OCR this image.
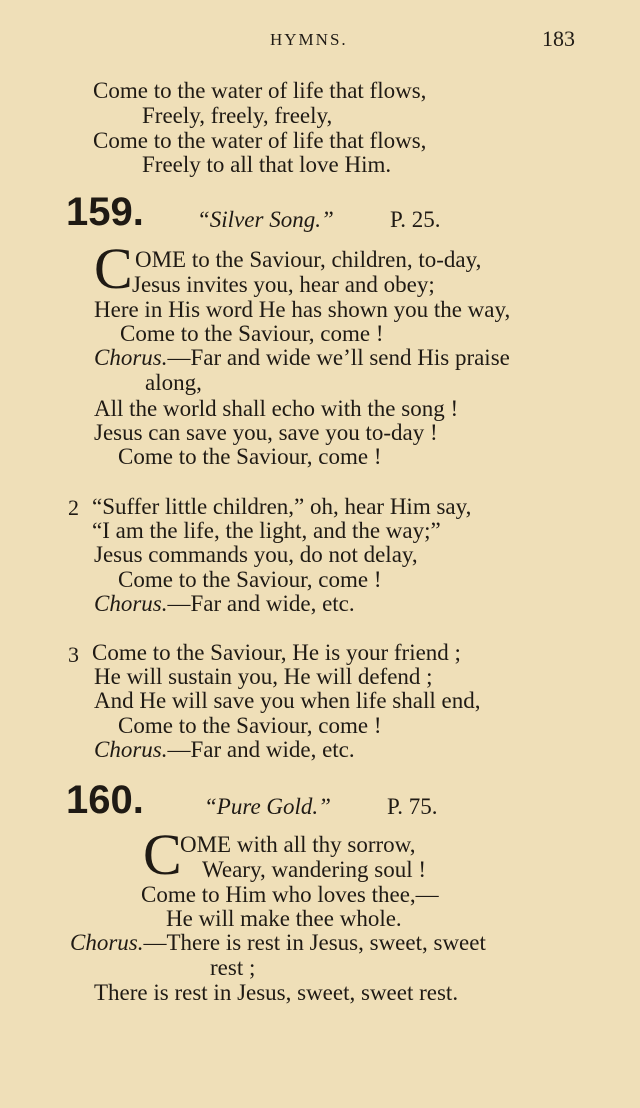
HYMNS.	183
Come to the water of life that flows,
Freely, freely, freely,
Come to the water of life that flows,
Freely to all that love Him.
159. “Silver Song.” P. 25.
C OME to the Saviour, children, to-day,
Jesus invites you, hear and obey;
Here in His word He has shown you the way,
Come to the Saviour, come !
Chorus.—Far and wide we’ll send His praise
along,
All the world shall echo with the song !
Jesus can save you, save you to-day !
Come to the Saviour, come !
2 “Suffer little children,” oh, hear Him say,
“I am the life, the light, and the way;”
Jesus commands you, do not delay,
Come to the Saviour, come !
Chorus.—Far and wide, etc.
3 Come to the Saviour, He is your friend ;
He will sustain you, He will defend ;
And He will save you when life shall end,
Come to the Saviour, come !
Chorus.—Far and wide, etc.
160.	“Pure Gold.” P. 75.
C
OME with all thy sorrow,
Weary, wandering soul !
Come to Him who loves thee,—
He will make thee whole.
Chorus.—There is rest in Jesus, sweet, sweet
rest ;
There is rest in Jesus, sweet, sweet rest.
